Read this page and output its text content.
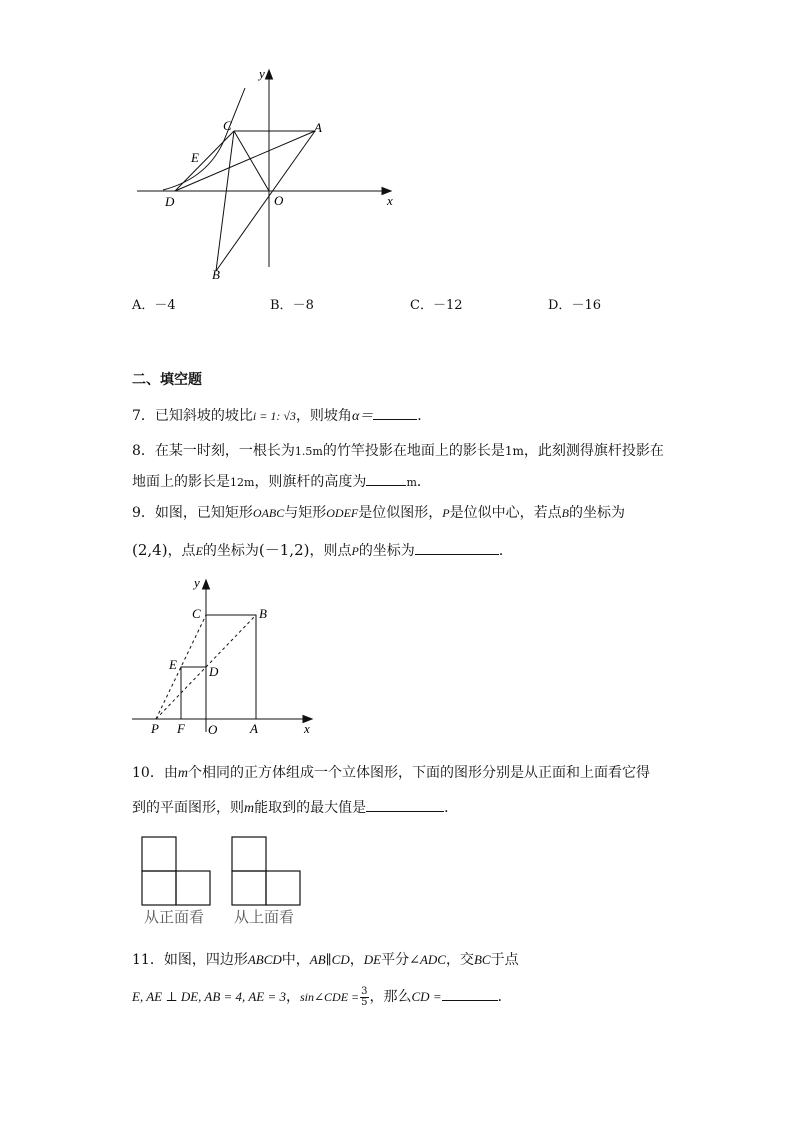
y
C	A
E
D	O	x
B
A．－4	B．－8	C．－12	D．－16
二、填空题
7．已知斜坡的坡比i = 1: √3，则坡角α＝	．
8．在某一时刻，一根长为1.5m的竹竿投影在地面上的影长是1m，此刻测得旗杆投影在
地面上的影长是12m，则旗杆的高度为	m．
9．如图，已知矩形OABC与矩形ODEF是位似图形，P是位似中心，若点B的坐标为
(2,4)，点E的坐标为(－1,2)，则点P的坐标为	．
y
C	B
E D
P F O	A	x
10．由m个相同的正方体组成一个立体图形，下面的图形分别是从正面和上面看它得
到的平面图形，则m能取到的最大值是	．
从正面看 从上面看
11．如图，四边形ABCD中，AB∥CD，DE平分∠ADC，交BC于点
E, AE ⊥ DE, AB = 4, AE = 3，sin∠CDE = $\frac{3}{5}$ ，那么CD =	．
